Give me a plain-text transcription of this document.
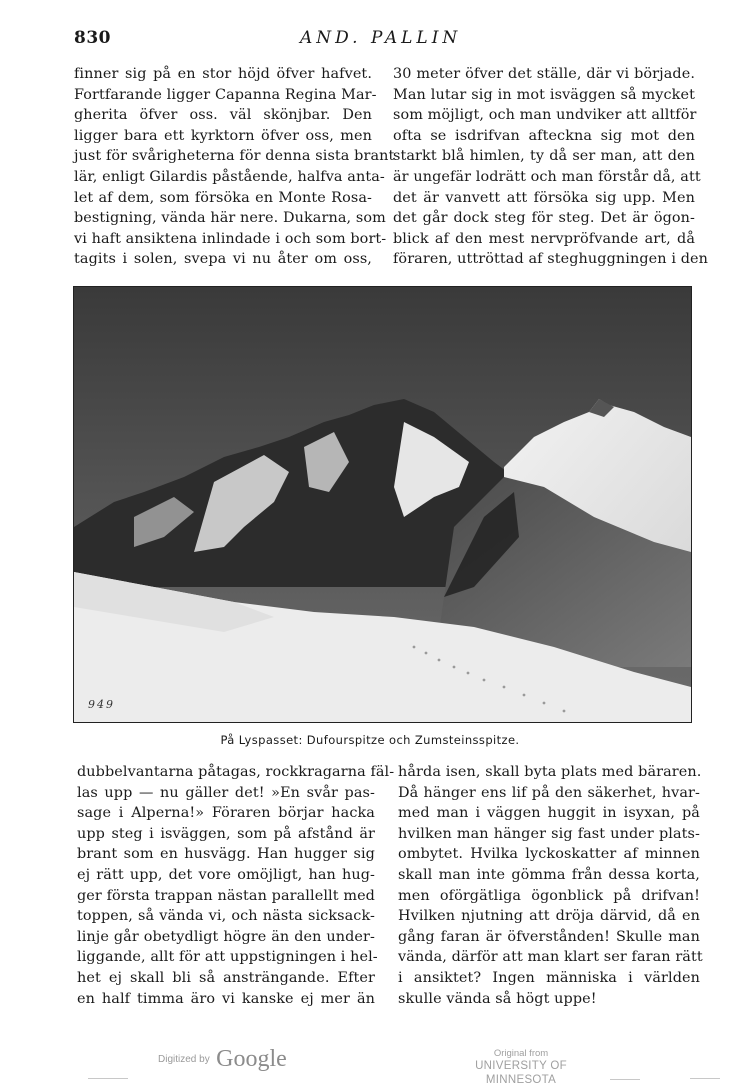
830	AND. PALLIN
finner sig på en stor höjd öfver hafvet.
Fortfarande ligger Capanna Regina Mar-
gherita öfver oss. väl skönjbar. Den
ligger bara ett kyrktorn öfver oss, men
just för svårigheterna för denna sista brant
lär, enligt Gilardis påstående, halfva anta-
let af dem, som försöka en Monte Rosa-
bestigning, vända här nere. Dukarna, som
vi haft ansiktena inlindade i och som bort-
tagits i solen, svepa vi nu åter om oss,
30 meter öfver det ställe, där vi började.
Man lutar sig in mot isväggen så mycket
som möjligt, och man undviker att alltför
ofta se isdrifvan afteckna sig mot den
starkt blå himlen, ty då ser man, att den
är ungefär lodrätt och man förstår då, att
det är vanvett att försöka sig upp. Men
det går dock steg för steg. Det är ögon-
blick af den mest nervpröfvande art, då
föraren, uttröttad af steghuggningen i den
949
På Lyspasset: Dufourspitze och Zumsteinsspitze.
dubbelvantarna påtagas, rockkragarna fäl-
las upp — nu gäller det! »En svår pas-
sage i Alperna!» Föraren börjar hacka
upp steg i isväggen, som på afstånd är
brant som en husvägg. Han hugger sig
ej rätt upp, det vore omöjligt, han hug-
ger första trappan nästan parallellt med
toppen, så vända vi, och nästa sicksack-
linje går obetydligt högre än den under-
liggande, allt för att uppstigningen i hel-
het ej skall bli så ansträngande. Efter
en half timma äro vi kanske ej mer än
hårda isen, skall byta plats med bäraren.
Då hänger ens lif på den säkerhet, hvar-
med man i väggen huggit in isyxan, på
hvilken man hänger sig fast under plats-
ombytet. Hvilka lyckoskatter af minnen
skall man inte gömma från dessa korta,
men oförgätliga ögonblick på drifvan!
Hvilken njutning att dröja därvid, då en
gång faran är öfverstånden! Skulle man
vända, därför att man klart ser faran rätt
i ansiktet? Ingen människa i världen
skulle vända så högt uppe!
Digitized by Google	Original from
UNIVERSITY OF MINNESOTA
